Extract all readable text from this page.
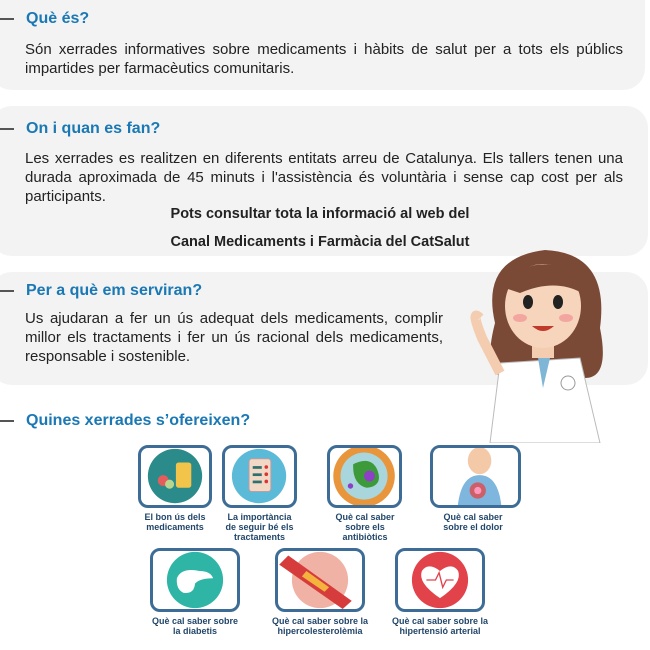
Què és?
Són xerrades informatives sobre medicaments i hàbits de salut per a tots els públics impartides per farmacèutics comunitaris.
On i quan es fan?
Les xerrades es realitzen en diferents entitats arreu de Catalunya. Els tallers tenen una durada aproximada de 45 minuts i l'assistència és voluntària i sense cap cost per als participants.
Pots consultar tota la informació al web del
Canal Medicaments i Farmàcia del CatSalut
Per a què em serviran?
Us ajudaran a fer un ús adequat dels medicaments, complir millor els tractaments i fer un ús racional dels medicaments, responsable i sostenible.
Quines xerrades s’ofereixen?
El bon ús dels medicaments
La importància de seguir bé els tractaments
Què cal saber sobre els antibiòtics
Què cal saber sobre el dolor
Què cal saber sobre la diabetis
Què cal saber sobre la hipercolesterolèmia
Què cal saber sobre la hipertensió arterial
